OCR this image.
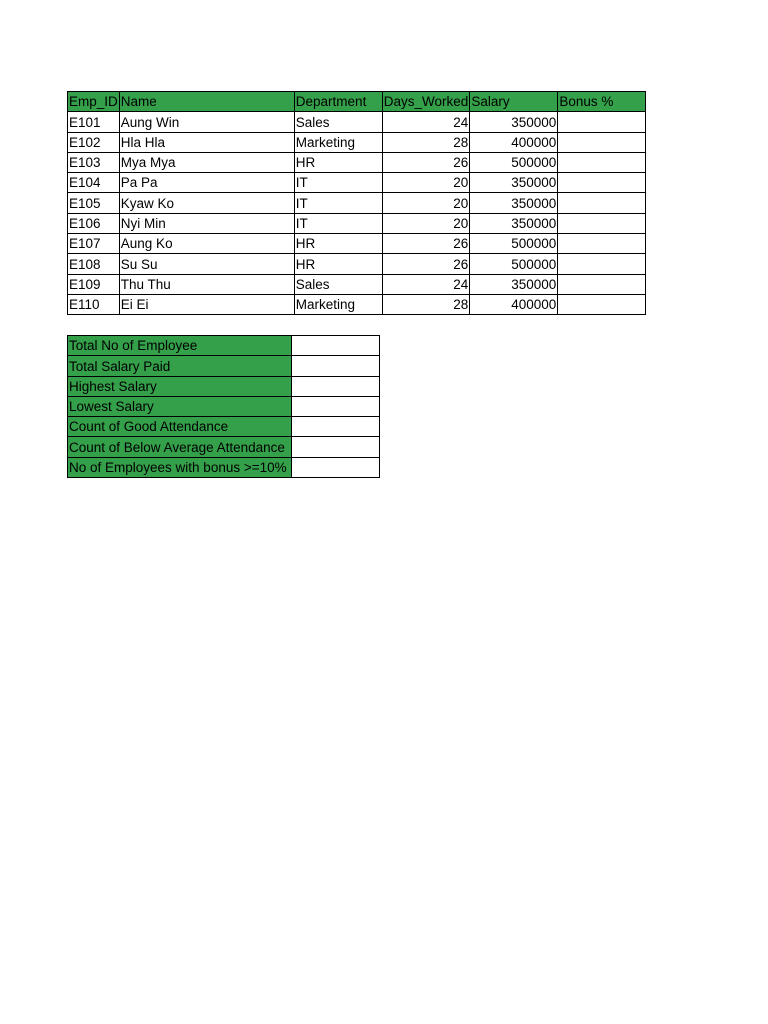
Emp_ID	Name	Department	Days_Worked	Salary	Bonus %
E101	Aung Win	Sales	24	350000	
E102	Hla Hla	Marketing	28	400000	
E103	Mya Mya	HR	26	500000	
E104	Pa Pa	IT	20	350000	
E105	Kyaw Ko	IT	20	350000	
E106	Nyi Min	IT	20	350000	
E107	Aung Ko	HR	26	500000	
E108	Su Su	HR	26	500000	
E109	Thu Thu	Sales	24	350000	
E110	Ei Ei	Marketing	28	400000	
Total No of Employee	
Total Salary Paid	
Highest Salary	
Lowest Salary	
Count of Good Attendance	
Count of Below Average Attendance	
No of Employees with bonus >=10%	
